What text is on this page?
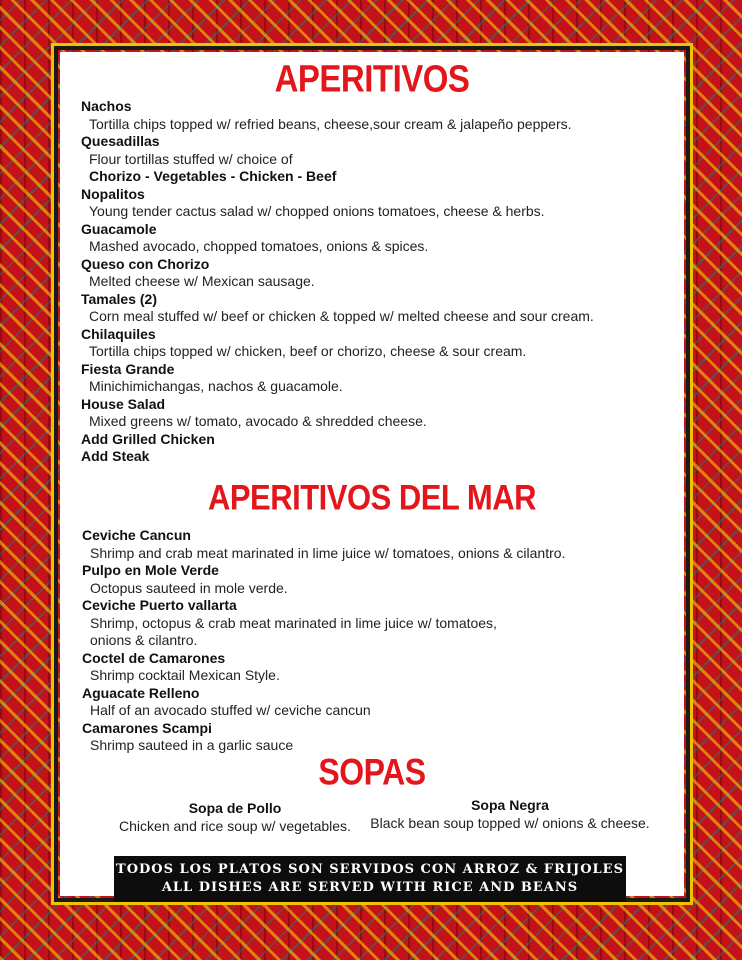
APERITIVOS
Nachos
Tortilla chips topped w/ refried beans, cheese,sour cream & jalapeño peppers.
Quesadillas
Flour tortillas stuffed w/ choice of
Chorizo - Vegetables - Chicken - Beef
Nopalitos
Young tender cactus salad w/ chopped onions tomatoes, cheese & herbs.
Guacamole
Mashed avocado, chopped tomatoes, onions & spices.
Queso con Chorizo
Melted cheese w/ Mexican sausage.
Tamales (2)
Corn meal stuffed w/ beef or chicken & topped w/ melted cheese and sour cream.
Chilaquiles
Tortilla chips topped w/ chicken, beef or chorizo, cheese & sour cream.
Fiesta Grande
Minichimichangas, nachos & guacamole.
House Salad
Mixed greens w/ tomato, avocado & shredded cheese.
Add Grilled Chicken
Add Steak
APERITIVOS DEL MAR
Ceviche Cancun
Shrimp and crab meat marinated in lime juice w/ tomatoes, onions & cilantro.
Pulpo en Mole Verde
Octopus sauteed in mole verde.
Ceviche Puerto vallarta
Shrimp, octopus & crab meat marinated in lime juice w/ tomatoes,
onions & cilantro.
Coctel de Camarones
Shrimp cocktail Mexican Style.
Aguacate Relleno
Half of an avocado stuffed w/ ceviche cancun
Camarones Scampi
Shrimp sauteed in a garlic sauce
SOPAS
Sopa de Pollo
Chicken and rice soup w/ vegetables.
Sopa Negra
Black bean soup topped w/ onions & cheese.
TODOS LOS PLATOS SON SERVIDOS CON ARROZ & FRIJOLES
ALL DISHES ARE SERVED WITH RICE AND BEANS
